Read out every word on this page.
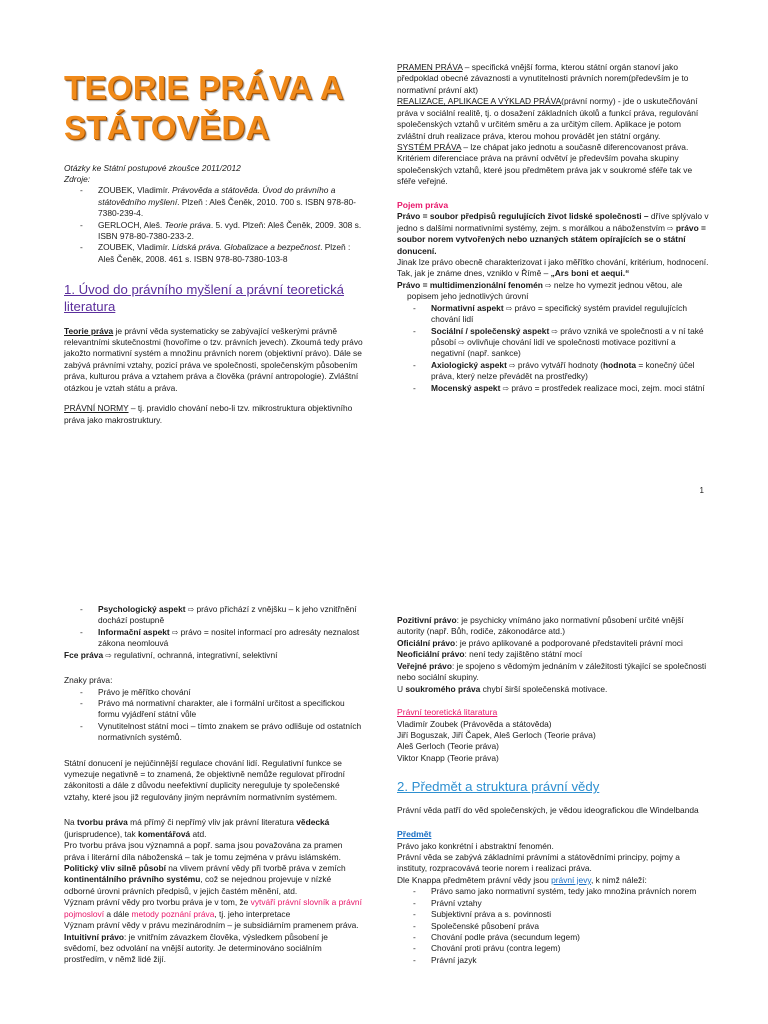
TEORIE PRÁVA A
STÁTOVĚDA

Otázky ke Státní postupové zkoušce 2011/2012

Zdroje:

- ZOUBEK, Vladimír. Právověda a státověda. Úvod do právního a státovědního myšlení. Plzeň : Aleš Čeněk, 2010. 700 s. ISBN 978-80-7380-239-4.
- GERLOCH, Aleš. Teorie práva. 5. vyd. Plzeň: Aleš Čeněk, 2009. 308 s. ISBN 978-80-7380-233-2.
- ZOUBEK, Vladimír. Lidská práva. Globalizace a bezpečnost. Plzeň : Aleš Čeněk, 2008. 461 s. ISBN 978-80-7380-103-8
1. Úvod do právního myšlení a právní teoretická literatura

Teorie práva je právní věda systematicky se zabývající veškerými právně relevantními skutečnostmi (hovoříme o tzv. právních jevech). Zkoumá tedy právo jakožto normativní systém a množinu právních norem (objektivní právo). Dále se zabývá právními vztahy, pozicí práva ve společnosti, společenským působením práva, kulturou práva a vztahem práva a člověka (právní antropologie). Zvláštní otázkou je vztah státu a práva.

PRÁVNÍ NORMY – tj. pravidlo chování nebo-li tzv. mikrostruktura objektivního práva jako makrostruktury.

PRAMEN PRÁVA – specifická vnější forma, kterou státní orgán stanoví jako předpoklad obecné závaznosti a vynutitelnosti právních norem(především je to normativní právní akt)

REALIZACE, APLIKACE A VÝKLAD PRÁVA(právní normy) - jde o uskutečňování práva v sociální realitě, tj. o dosažení základních úkolů a funkcí práva, regulování společenských vztahů v určitém směru a za určitým cílem. Aplikace je potom zvláštní druh realizace práva, kterou mohou provádět jen státní orgány.

SYSTÉM PRÁVA – lze chápat jako jednotu a současně diferencovanost práva. Kritériem diferenciace práva na právní odvětví je především povaha skupiny společenských vztahů, které jsou předmětem práva jak v soukromé sféře tak ve sféře veřejné.

Pojem práva

Právo = soubor předpisů regulujících život lidské společnosti – dříve splývalo v jedno s dalšími normativními systémy, zejm. s morálkou a náboženstvím ⇨ právo = soubor norem vytvořených nebo uznaných státem opírajících se o státní donucení.

Jinak lze právo obecně charakterizovat i jako měřítko chování, kritérium, hodnocení.

Tak, jak je známe dnes, vzniklo v Římě – „Ars boni et aequi.“

Právo = multidimenzionální fenomén ⇨ nelze ho vymezit jednou větou, ale popisem jeho jednotlivých úrovní

- Normativní aspekt ⇨ právo = specifický systém pravidel regulujících chování lidí
- Sociální / společenský aspekt ⇨ právo vzniká ve společnosti a v ní také působí ⇨ ovlivňuje chování lidí ve společnosti motivace pozitivní a negativní (např. sankce)
- Axiologický aspekt ⇨ právo vytváří hodnoty (hodnota = konečný účel práva, který nelze převádět na prostředky)
- Mocenský aspekt ⇨ právo = prostředek realizace moci, zejm. moci státní
1
- Psychologický aspekt ⇨ právo přichází z vnějšku – k jeho vznitřnění dochází postupně
- Informační aspekt ⇨ právo = nositel informací pro adresáty neznalost zákona neomlouvá

Fce práva ⇨ regulativní, ochranná, integrativní, selektivní

Znaky práva:

- Právo je měřítko chování
- Právo má normativní charakter, ale i formální určitost a specifickou formu vyjádření státní vůle
- Vynutitelnost státní moci – tímto znakem se právo odlišuje od ostatních normativních systémů.

Státní donucení je nejúčinnější regulace chování lidí. Regulativní funkce se vymezuje negativně = to znamená, že objektivně nemůže regulovat přírodní zákonitosti a dále z důvodu neefektivní duplicity nereguluje ty společenské vztahy, které jsou již regulovány jiným neprávním normativním systémem.

Na tvorbu práva má přímý či nepřímý vliv jak právní literatura vědecká (jurisprudence), tak komentářová atd.

Pro tvorbu práva jsou významná a popř. sama jsou považována za pramen práva i literární díla náboženská – tak je tomu zejména v právu islámském.

Politický vliv silně působí na vlivem právní vědy při tvorbě práva v zemích kontinentálního právního systému, což se nejednou projevuje v nízké odborné úrovni právních předpisů, v jejich častém měnění, atd.

Význam právní vědy pro tvorbu práva je v tom, že vytváří právní slovník a právní pojmosloví a dále metody poznání práva, tj. jeho interpretace

Význam právní vědy v právu mezinárodním – je subsidiárním pramenem práva.

Intuitivní právo: je vnitřním závazkem člověka, výsledkem působení je svědomí, bez odvolání na vnější autority. Je determinováno sociálním prostředím, v němž lidé žijí.

Pozitivní právo: je psychicky vnímáno jako normativní působení určité vnější autority (např. Bůh, rodiče, zákonodárce atd.)

Oficiální právo: je právo aplikované a podporované představiteli právní moci

Neoficiální právo: není tedy zajištěno státní mocí

Veřejné právo: je spojeno s vědomým jednáním v záležitosti týkající se společnosti nebo sociální skupiny.

U soukromého práva chybí širší společenská motivace.

Právní teoretická litaratura

Vladimír Zoubek (Právověda a státověda)

Jiří Boguszak, Jiří Čapek, Aleš Gerloch (Teorie práva)

Aleš Gerloch (Teorie práva)

Viktor Knapp (Teorie práva)

2. Předmět a struktura právní vědy

Právní věda patří do věd společenských, je vědou ideografickou dle Windelbanda

Předmět

Právo jako konkrétní i abstraktní fenomén.

Právní věda se zabývá základními právními a státovědními principy, pojmy a instituty, rozpracovává teorie norem i realizaci práva.

Dle Knappa předmětem právní vědy jsou právní jevy, k nimž náleží:

- Právo samo jako normativní systém, tedy jako množina právních norem
- Právní vztahy
- Subjektivní práva a s. povinnosti
- Společenské působení práva
- Chování podle práva (secundum legem)
- Chování proti právu (contra legem)
- Právní jazyk
